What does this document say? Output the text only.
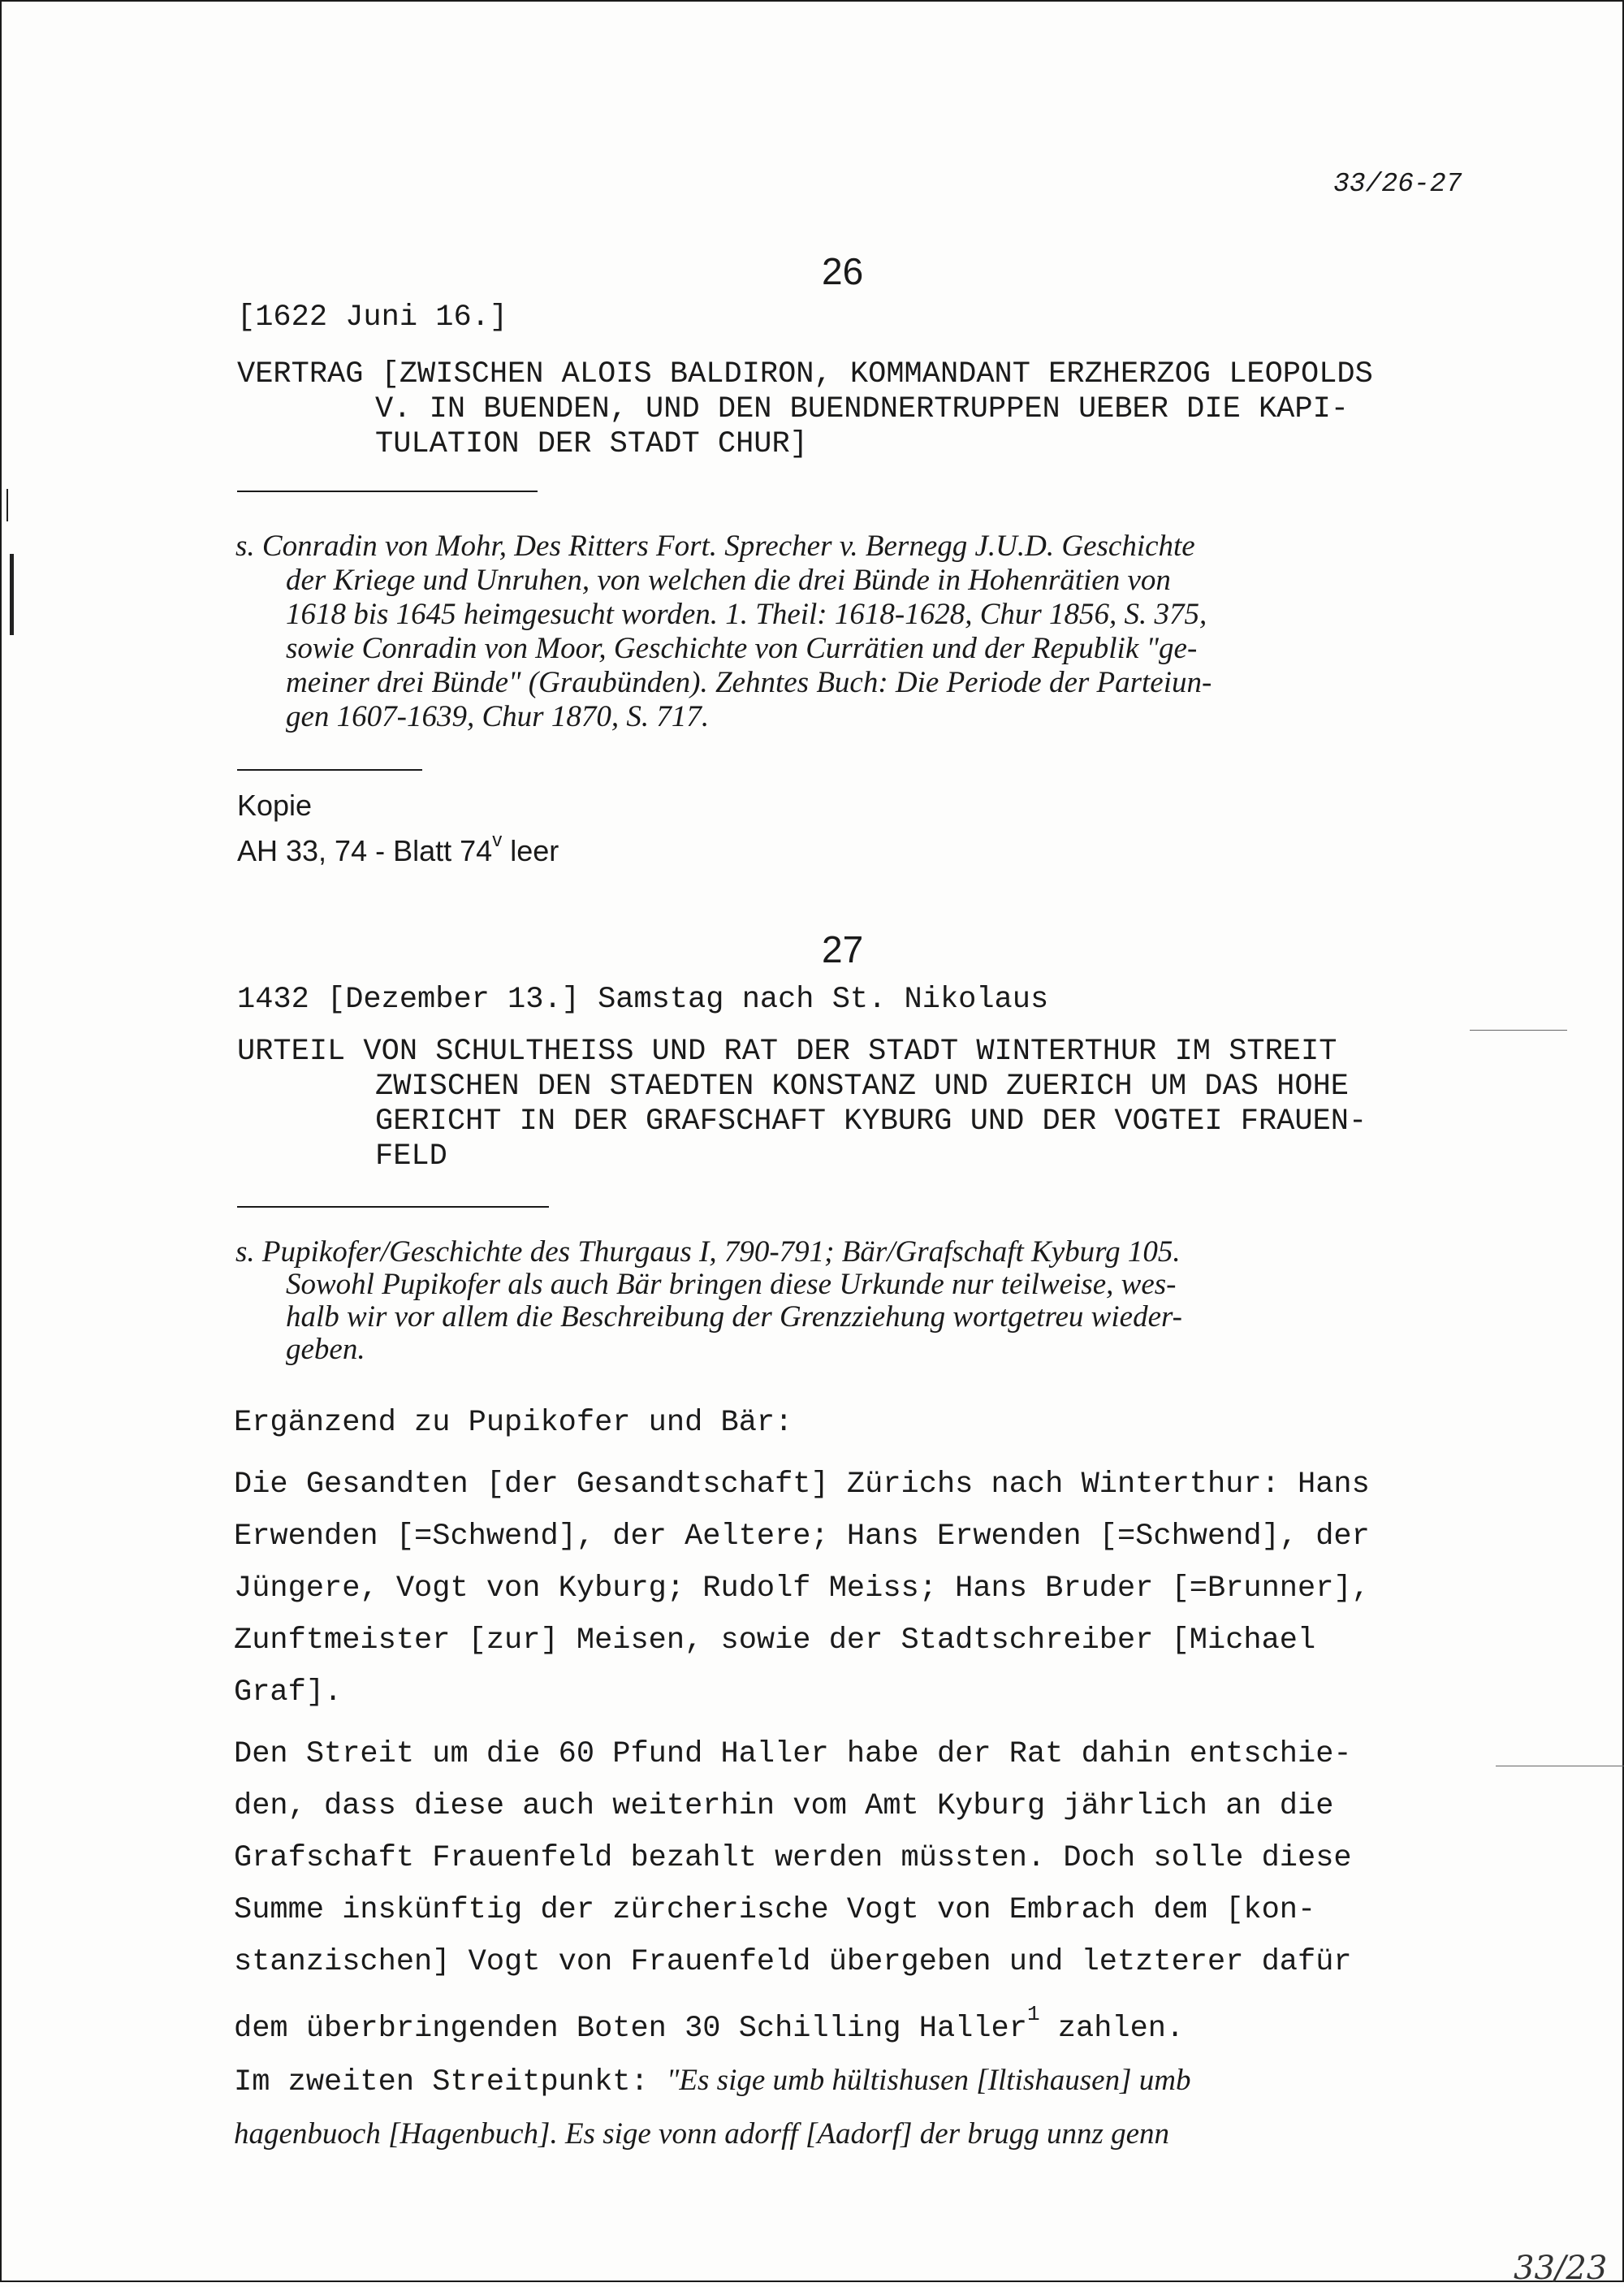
33/26-27

26

[1622 Juni 16.]

VERTRAG [ZWISCHEN ALOIS BALDIRON, KOMMANDANT ERZHERZOG LEOPOLDS
V. IN BUENDEN, UND DEN BUENDNERTRUPPEN UEBER DIE KAPI-
TULATION DER STADT CHUR]
s. Conradin von Mohr, Des Ritters Fort. Sprecher v. Bernegg J.U.D. Geschichte
der Kriege und Unruhen, von welchen die drei Bünde in Hohenrätien von
1618 bis 1645 heimgesucht worden. 1. Theil: 1618-1628, Chur 1856, S. 375,
sowie Conradin von Moor, Geschichte von Currätien und der Republik "ge-
meiner drei Bünde" (Graubünden). Zehntes Buch: Die Periode der Parteiun-
gen 1607-1639, Chur 1870, S. 717.
Kopie
AH 33, 74 - Blatt 74$^v$ leer

27

1432 [Dezember 13.] Samstag nach St. Nikolaus

URTEIL VON SCHULTHEISS UND RAT DER STADT WINTERTHUR IM STREIT
ZWISCHEN DEN STAEDTEN KONSTANZ UND ZUERICH UM DAS HOHE
GERICHT IN DER GRAFSCHAFT KYBURG UND DER VOGTEI FRAUEN-
FELD
s. Pupikofer/Geschichte des Thurgaus I, 790-791; Bär/Grafschaft Kyburg 105.
Sowohl Pupikofer als auch Bär bringen diese Urkunde nur teilweise, wes-
halb wir vor allem die Beschreibung der Grenzziehung wortgetreu wieder-
geben.
Ergänzend zu Pupikofer und Bär:

Die Gesandten [der Gesandtschaft] Zürichs nach Winterthur: Hans
Erwenden [=Schwend], der Aeltere; Hans Erwenden [=Schwend], der
Jüngere, Vogt von Kyburg; Rudolf Meiss; Hans Bruder [=Brunner],
Zunftmeister [zur] Meisen, sowie der Stadtschreiber [Michael
Graf].

Den Streit um die 60 Pfund Haller habe der Rat dahin entschie-
den, dass diese auch weiterhin vom Amt Kyburg jährlich an die
Grafschaft Frauenfeld bezahlt werden müssten. Doch solle diese
Summe inskünftig der zürcherische Vogt von Embrach dem [kon-
stanzischen] Vogt von Frauenfeld übergeben und letzterer dafür
dem überbringenden Boten 30 Schilling Haller$^1$ zahlen.

Im zweiten Streitpunkt: "Es sige umb hültishusen [Iltishausen] umb
hagenbuoch [Hagenbuch]. Es sige vonn adorff [Aadorf] der brugg unnz genn

33/23
